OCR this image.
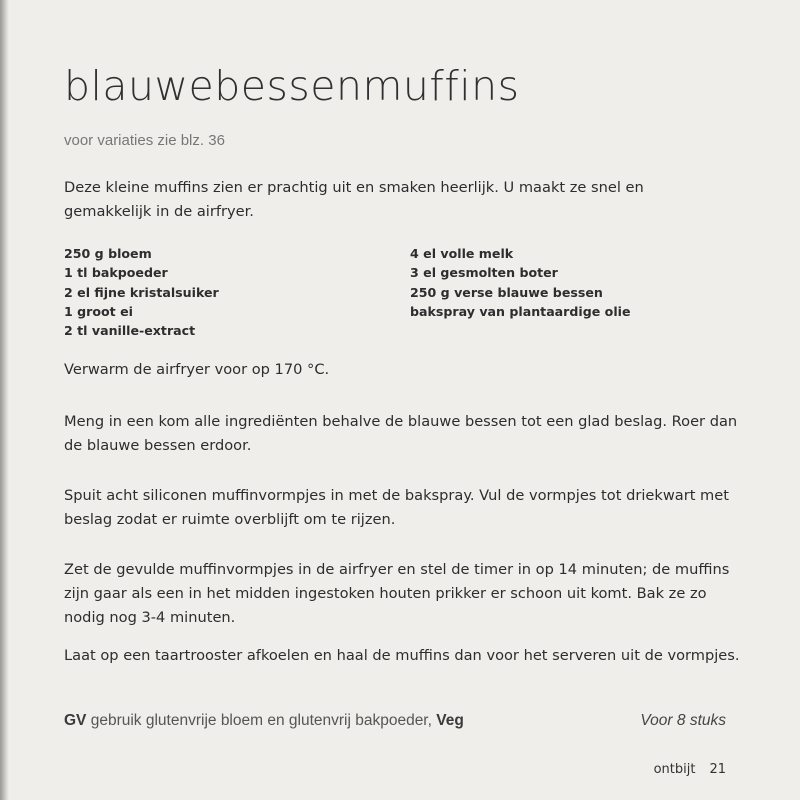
blauwebessenmuffins
voor variaties zie blz. 36
Deze kleine muffins zien er prachtig uit en smaken heerlijk. U maakt ze snel en
gemakkelijk in de airfryer.
250 g bloem
1 tl bakpoeder
2 el fijne kristalsuiker
1 groot ei
2 tl vanille-extract
4 el volle melk
3 el gesmolten boter
250 g verse blauwe bessen
bakspray van plantaardige olie
Verwarm de airfryer voor op 170 °C.
Meng in een kom alle ingrediënten behalve de blauwe bessen tot een glad beslag. Roer dan
de blauwe bessen erdoor.
Spuit acht siliconen muffinvormpjes in met de bakspray. Vul de vormpjes tot driekwart met
beslag zodat er ruimte overblijft om te rijzen.
Zet de gevulde muffinvormpjes in de airfryer en stel de timer in op 14 minuten; de muffins
zijn gaar als een in het midden ingestoken houten prikker er schoon uit komt. Bak ze zo
nodig nog 3-4 minuten.
Laat op een taartrooster afkoelen en haal de muffins dan voor het serveren uit de vormpjes.
GV gebruik glutenvrije bloem en glutenvrij bakpoeder, Veg	Voor 8 stuks
ontbijt 21
